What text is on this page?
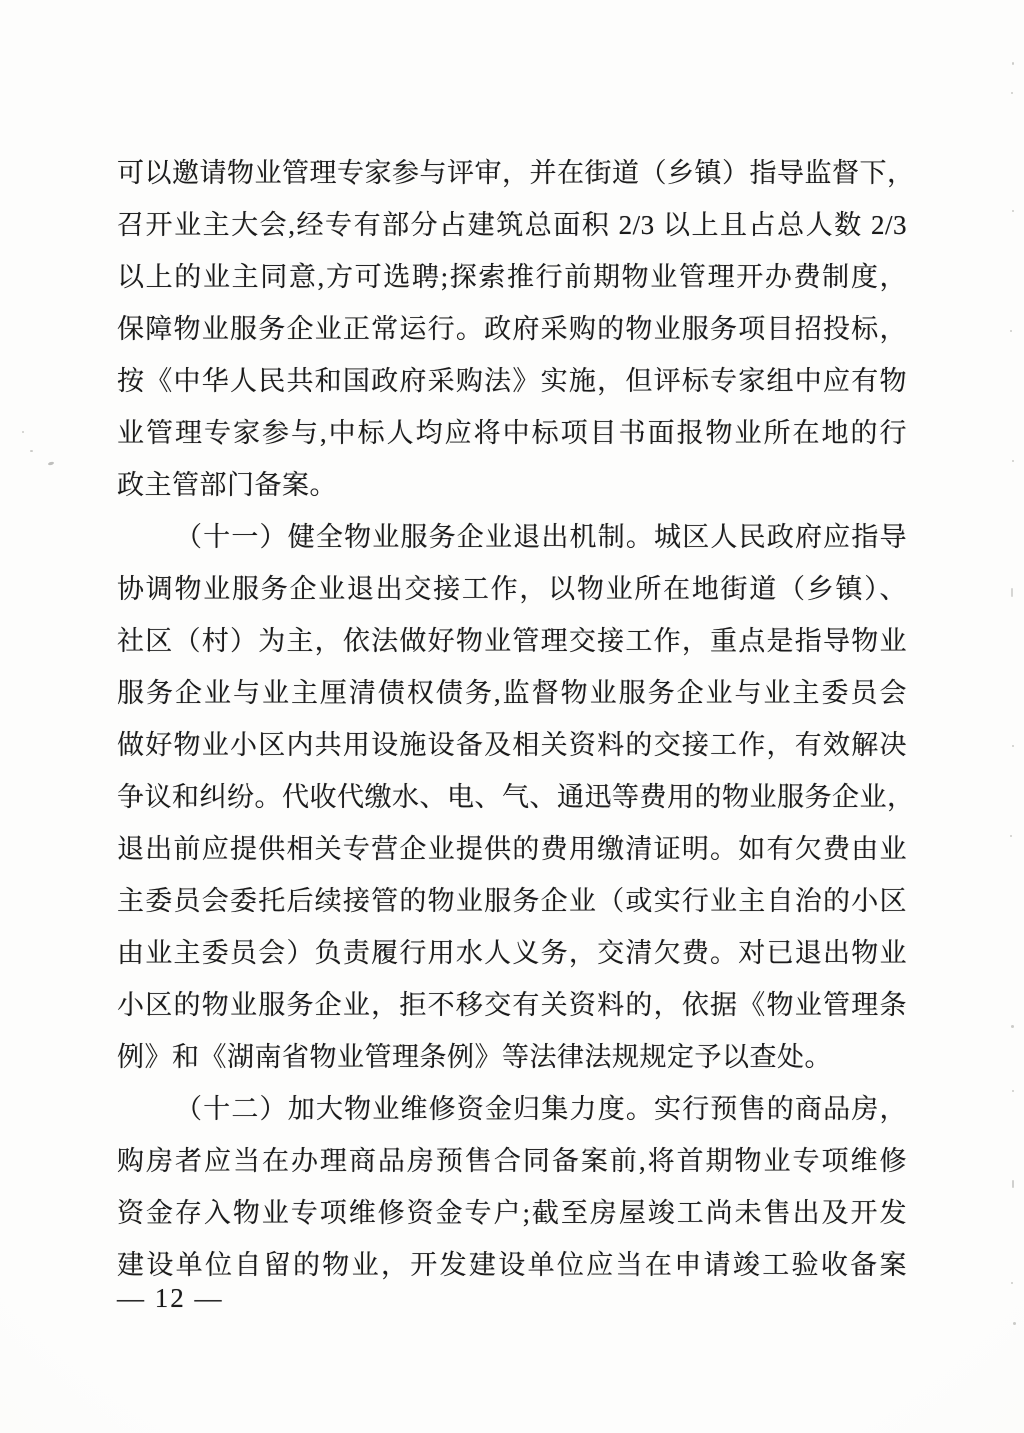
可以邀请物业管理专家参与评审，并在街道（乡镇）指导监督下，
召开业主大会,经专有部分占建筑总面积 2/3 以上且占总人数 2/3
以上的业主同意,方可选聘;探索推行前期物业管理开办费制度，
保障物业服务企业正常运行。政府采购的物业服务项目招投标，
按《中华人民共和国政府采购法》实施，但评标专家组中应有物
业管理专家参与,中标人均应将中标项目书面报物业所在地的行
政主管部门备案。
（十一）健全物业服务企业退出机制。城区人民政府应指导
协调物业服务企业退出交接工作，以物业所在地街道（乡镇）、
社区（村）为主，依法做好物业管理交接工作，重点是指导物业
服务企业与业主厘清债权债务,监督物业服务企业与业主委员会
做好物业小区内共用设施设备及相关资料的交接工作，有效解决
争议和纠纷。代收代缴水、电、气、通迅等费用的物业服务企业，
退出前应提供相关专营企业提供的费用缴清证明。如有欠费由业
主委员会委托后续接管的物业服务企业（或实行业主自治的小区
由业主委员会）负责履行用水人义务，交清欠费。对已退出物业
小区的物业服务企业，拒不移交有关资料的，依据《物业管理条
例》和《湖南省物业管理条例》等法律法规规定予以查处。
（十二）加大物业维修资金归集力度。实行预售的商品房，
购房者应当在办理商品房预售合同备案前,将首期物业专项维修
资金存入物业专项维修资金专户;截至房屋竣工尚未售出及开发
建设单位自留的物业，开发建设单位应当在申请竣工验收备案
— 12 —
